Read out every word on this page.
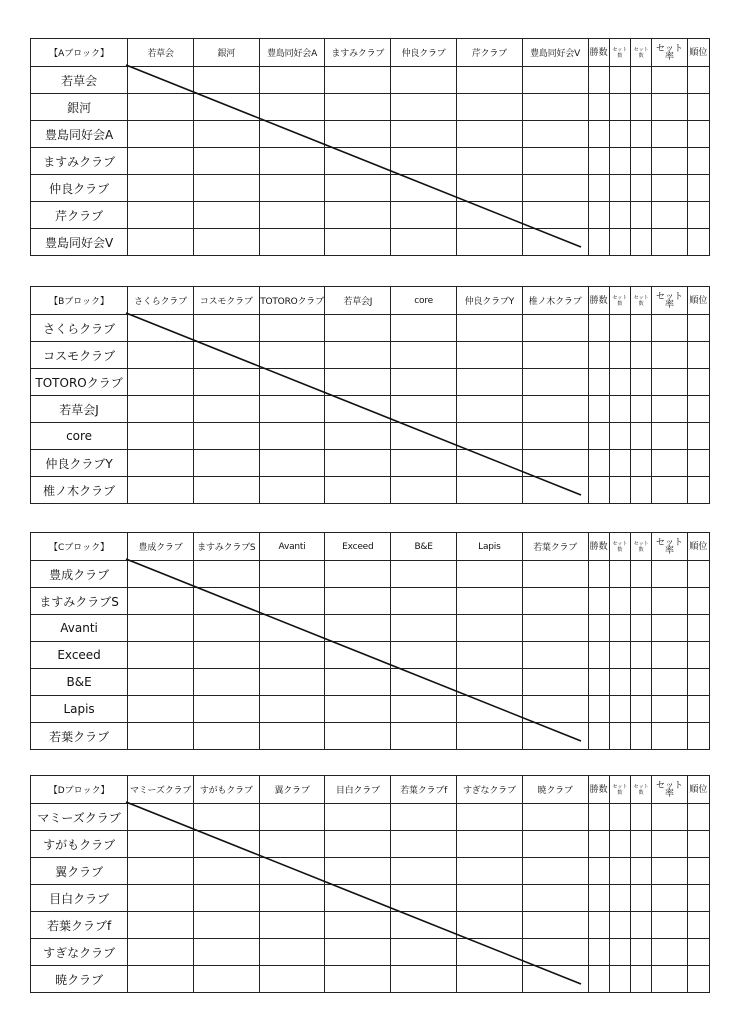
【Aブロック】	若草会	銀河	豊島同好会A	ますみクラブ	仲良クラブ	芹クラブ	豊島同好会V	勝数	セット数	セット数	セット率	順位
若草会												
銀河												
豊島同好会A												
ますみクラブ												
仲良クラブ												
芹クラブ												
豊島同好会V												
【Bブロック】	さくらクラブ	コスモクラブ	TOTOROクラブ	若草会J	core	仲良クラブY	椎ノ木クラブ	勝数	セット数	セット数	セット率	順位
さくらクラブ												
コスモクラブ												
TOTOROクラブ												
若草会J												
core												
仲良クラブY												
椎ノ木クラブ												
【Cブロック】	豊成クラブ	ますみクラブS	Avanti	Exceed	B&E	Lapis	若葉クラブ	勝数	セット数	セット数	セット率	順位
豊成クラブ												
ますみクラブS												
Avanti												
Exceed												
B&E												
Lapis												
若葉クラブ												
【Dブロック】	マミーズクラブ	すがもクラブ	翼クラブ	目白クラブ	若葉クラブf	すぎなクラブ	暁クラブ	勝数	セット数	セット数	セット率	順位
マミーズクラブ												
すがもクラブ												
翼クラブ												
目白クラブ												
若葉クラブf												
すぎなクラブ												
暁クラブ												
